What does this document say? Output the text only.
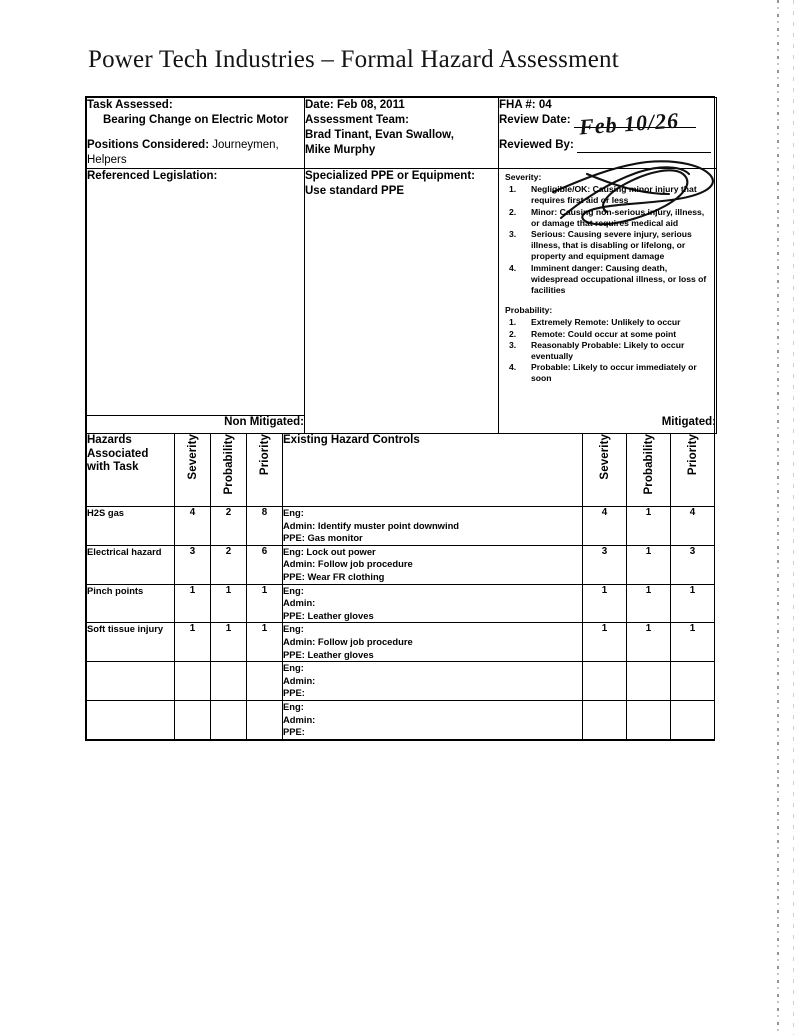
Power Tech Industries – Formal Hazard Assessment
Task Assessed:
Bearing Change on Electric Motor
Positions Considered: Journeymen, Helpers

Date: Feb 08, 2011
Assessment Team:
Brad Tinant, Evan Swallow,
Mike Murphy

FHA #: 04
Review Date: Feb 10/26
Reviewed By:

Referenced Legislation:	Specialized PPE or Equipment:
Use standard PPE

Severity:
1. Negligible/OK: Causing minor injury that requires first aid or less
2. Minor: Causing non-serious injury, illness, or damage that requires medical aid
3. Serious: Causing severe injury, serious illness, that is disabling or lifelong, or property and equipment damage
4. Imminent danger: Causing death, widespread occupational illness, or loss of facilities
Probability:
1. Extremely Remote: Unlikely to occur
2. Remote: Could occur at some point
3. Reasonably Probable: Likely to occur eventually
4. Probable: Likely to occur immediately or soon

Non Mitigated:		
		Mitigated:
Hazards Associated with Task	Severity	Probability	Priority	Existing Hazard Controls	Severity	Probability	Priority
H2S gas	4	2	8	Eng:
Admin: Identify muster point downwind
PPE: Gas monitor	4	1	4
Electrical hazard	3	2	6	Eng: Lock out power
Admin: Follow job procedure
PPE: Wear FR clothing	3	1	3
Pinch points	1	1	1	Eng:
Admin:
PPE: Leather gloves	1	1	1
Soft tissue injury	1	1	1	Eng:
Admin: Follow job procedure
PPE: Leather gloves	1	1	1

				Eng:
Admin:
PPE:			

				Eng:
Admin:
PPE:			
